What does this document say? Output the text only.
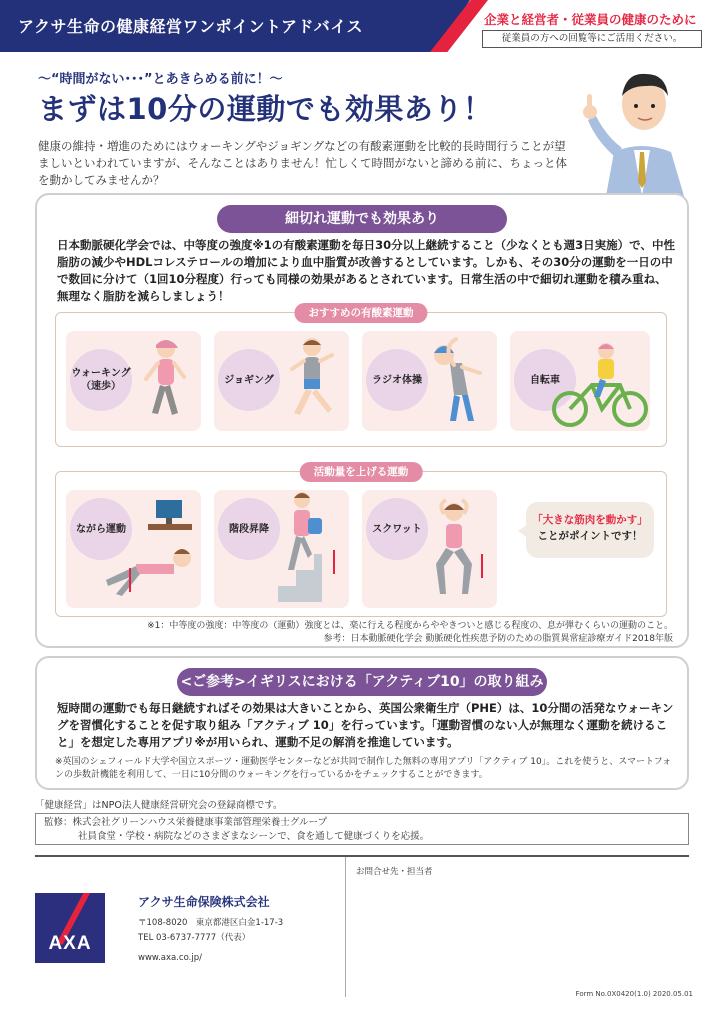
アクサ生命の健康経営ワンポイントアドバイス	企業と経営者・従業員の健康のために
従業員の方への回覧等にご活用ください。
〜“時間がない･･･”とあきらめる前に！〜
まずは10分の運動でも効果あり！
健康の維持・増進のためにはウォーキングやジョギングなどの有酸素運動を比較的長時間行うことが望ましいといわれていますが、そんなことはありません！忙しくて時間がないと諦める前に、ちょっと体を動かしてみませんか？
細切れ運動でも効果あり
日本動脈硬化学会では、中等度の強度※1の有酸素運動を毎日30分以上継続すること（少なくとも週3日実施）で、中性脂肪の減少やHDLコレステロールの増加により血中脂質が改善するとしています。しかも、その30分の運動を一日の中で数回に分けて（1回10分程度）行っても同様の効果があるとされています。日常生活の中で細切れ運動を積み重ね、無理なく脂肪を減らしましょう！
おすすめの有酸素運動
ウォーキング
（速歩）
ジョギング	ラジオ体操	自転車
活動量を上げる運動
ながら運動	階段昇降	スクワット
「大きな筋肉を動かす」
ことがポイントです！
※1：中等度の強度：中等度の（運動）強度とは、楽に行える程度からややきついと感じる程度の、息が弾むくらいの運動のこと。
参考：日本動脈硬化学会 動脈硬化性疾患予防のための脂質異常症診療ガイド2018年版
<ご参考>イギリスにおける「アクティブ10」の取り組み
短時間の運動でも毎日継続すればその効果は大きいことから、英国公衆衛生庁（PHE）は、10分間の活発なウォーキングを習慣化することを促す取り組み「アクティブ 10」を行っています。「運動習慣のない人が無理なく運動を続けること」を想定した専用アプリ※が用いられ、運動不足の解消を推進しています。
※英国のシェフィールド大学や国立スポーツ・運動医学センターなどが共同で制作した無料の専用アプリ「アクティブ 10」。これを使うと、スマートフォンの歩数計機能を利用して、一日に10分間のウォーキングを行っているかをチェックすることができます。
「健康経営」はNPO法人健康経営研究会の登録商標です。
監修：株式会社グリーンハウス栄養健康事業部管理栄養士グループ
社員食堂・学校・病院などのさまざまなシーンで、食を通して健康づくりを応援。
AXA
アクサ生命保険株式会社
〒108-8020　東京都港区白金1-17-3
TEL 03-6737-7777（代表）
www.axa.co.jp/
お問合せ先・担当者
Form No.0X0420(1.0) 2020.05.01
